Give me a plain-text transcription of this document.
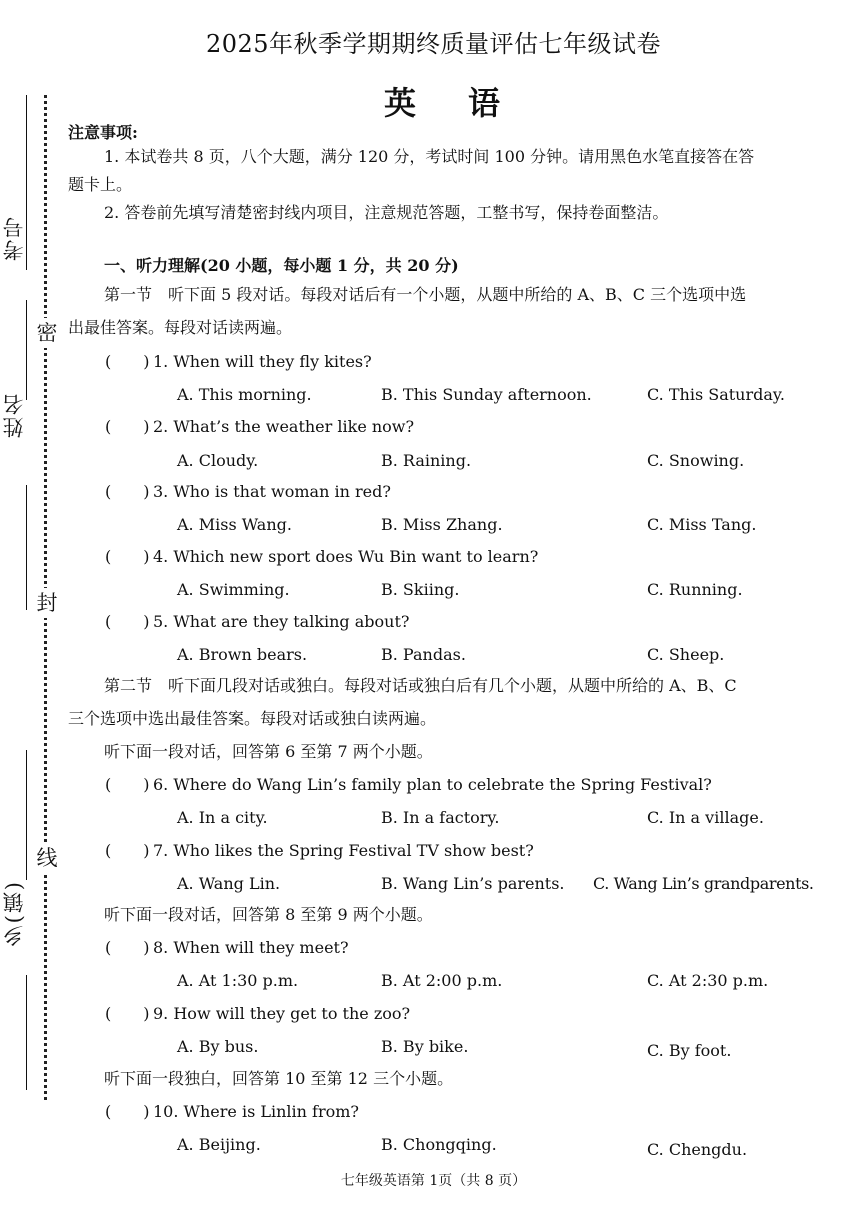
考号
姓名
乡(镇)
密
封
线
2025年秋季学期期终质量评估七年级试卷
英语
注意事项:
1. 本试卷共 8 页，八个大题，满分 120 分，考试时间 100 分钟。请用黑色水笔直接答在答
题卡上。
2. 答卷前先填写清楚密封线内项目，注意规范答题，工整书写，保持卷面整洁。
一、听力理解(20 小题，每小题 1 分，共 20 分)
第一节　听下面 5 段对话。每段对话后有一个小题，从题中所给的 A、B、C 三个选项中选
出最佳答案。每段对话读两遍。
(　　) 1. When will they fly kites?
A. This morning.	B. This Sunday afternoon.	C. This Saturday.
(　　) 2. What’s the weather like now?
A. Cloudy.	B. Raining.	C. Snowing.
(　　) 3. Who is that woman in red?
A. Miss Wang.	B. Miss Zhang.	C. Miss Tang.
(　　) 4. Which new sport does Wu Bin want to learn?
A. Swimming.	B. Skiing.	C. Running.
(　　) 5. What are they talking about?
A. Brown bears.	B. Pandas.	C. Sheep.
第二节　听下面几段对话或独白。每段对话或独白后有几个小题，从题中所给的 A、B、C
三个选项中选出最佳答案。每段对话或独白读两遍。
听下面一段对话，回答第 6 至第 7 两个小题。
(　　) 6. Where do Wang Lin’s family plan to celebrate the Spring Festival?
A. In a city.	B. In a factory.	C. In a village.
(　　) 7. Who likes the Spring Festival TV show best?
A. Wang Lin.	B. Wang Lin’s parents. C. Wang Lin’s grandparents.
听下面一段对话，回答第 8 至第 9 两个小题。
(　　) 8. When will they meet?
A. At 1:30 p.m.	B. At 2:00 p.m.	C. At 2:30 p.m.
(　　) 9. How will they get to the zoo?
A. By bus.	B. By bike.	C. By foot.
听下面一段独白，回答第 10 至第 12 三个小题。
(　　) 10. Where is Linlin from?
A. Beijing.	B. Chongqing.	C. Chengdu.
七年级英语第 1页（共 8 页）
